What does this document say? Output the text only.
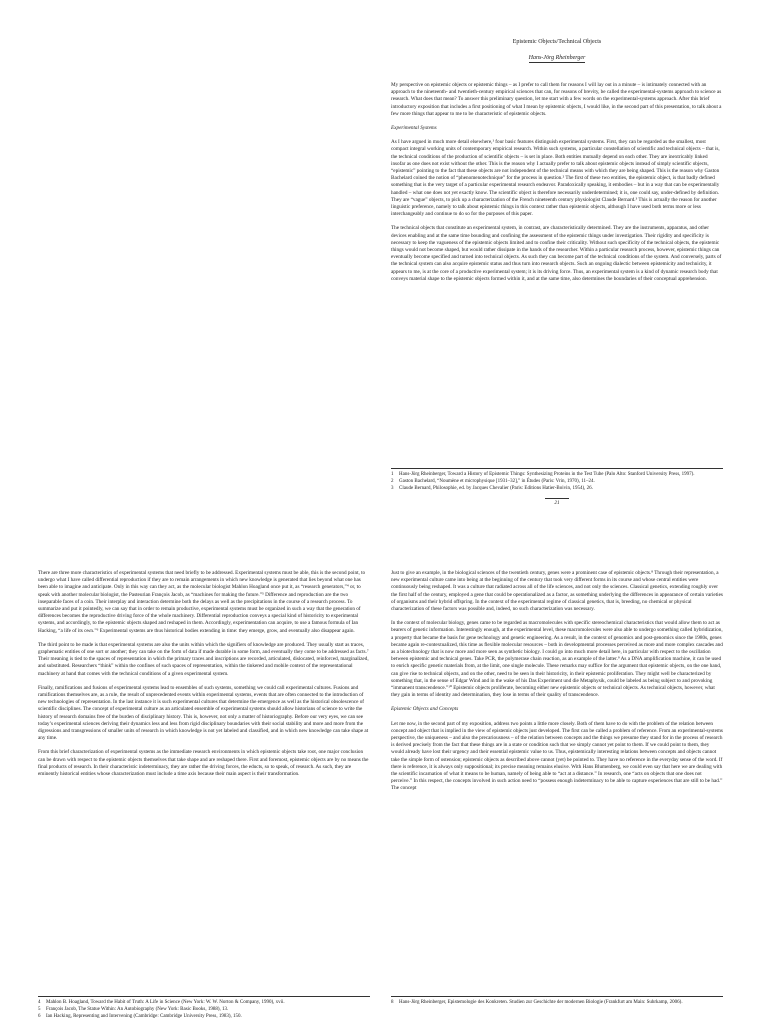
Epistemic Objects/Technical Objects
Hans-Jörg Rheinberger

My perspective on epistemic objects or epistemic things – as I prefer to call them for reasons I will lay out in a minute – is intimately connected with an approach to the nineteenth- and twentieth-century empirical sciences that can, for reasons of brevity, be called the experimental-systems approach to science as research. What does that mean? To answer this preliminary question, let me start with a few words on the experimental-systems approach. After this brief introductory exposition that includes a first positioning of what I mean by epistemic objects, I would like, in the second part of this presentation, to talk about a few more things that appear to me to be characteristic of epistemic objects.

Experimental Systems

As I have argued in much more detail elsewhere,¹ four basic features distinguish experimental systems. First, they can be regarded as the smallest, most compact integral working units of contemporary empirical research. Within such systems, a particular constellation of scientific and technical objects – that is, the technical conditions of the production of scientific objects – is set in place. Both entities mutually depend on each other. They are inextricably linked insofar as one does not exist without the other. This is the reason why I actually prefer to talk about epistemic objects instead of simply scientific objects, “epistemic” pointing to the fact that these objects are not independent of the technical means with which they are being shaped. This is the reason why Gaston Bachelard coined the notion of “phenomenotechnique” for the process in question.² The first of these two entities, the epistemic object, is that badly defined something that is the very target of a particular experimental research endeavor. Paradoxically speaking, it embodies – but in a way that can be experimentally handled – what one does not yet exactly know. The scientific object is therefore necessarily underdetermined; it is, one could say, under-defined by definition. They are “vague” objects, to pick up a characterization of the French nineteenth century physiologist Claude Bernard.³ This is actually the reason for another linguistic preference, namely to talk about epistemic things in this context rather than epistemic objects, although I have used both terms more or less interchangeably and continue to do so for the purposes of this paper.

The technical objects that constitute an experimental system, in contrast, are characteristically determined. They are the instruments, apparatus, and other devices enabling and at the same time bounding and confining the assessment of the epistemic things under investigation. Their rigidity and specificity is necessary to keep the vagueness of the epistemic objects limited and to confine their criticality. Without such specificity of the technical objects, the epistemic things would not become shaped, but would rather dissipate in the hands of the researcher. Within a particular research process, however, epistemic things can eventually become specified and turned into technical objects. As such they can become part of the technical conditions of the system. And conversely, parts of the technical system can also acquire epistemic status and thus turn into research objects. Such an ongoing dialectic between epistemicity and technicity, it appears to me, is at the core of a productive experimental system; it is its driving force. Thus, an experimental system is a kind of dynamic research body that conveys material shape to the epistemic objects formed within it, and at the same time, also determines the boundaries of their conceptual apprehension.

1 Hans-Jörg Rheinberger, Toward a History of Epistemic Things: Synthesizing Proteins in the Test Tube (Palo Alto: Stanford University Press, 1997).
2 Gaston Bachelard, “Noumène et microphysique [1931–32],” in Études (Paris: Vrin, 1970), 11–24.
3 Claude Bernard, Philosophie, ed. by Jacques Chevalier (Paris: Editions Hatier-Boivin, 1954), 26.
21

There are three more characteristics of experimental systems that need briefly to be addressed. Experimental systems must be able, this is the second point, to undergo what I have called differential reproduction if they are to remain arrangements in which new knowledge is generated that lies beyond what one has been able to imagine and anticipate. Only in this way can they act, as the molecular biologist Mahlon Hoagland once put it, as “research generators,”⁴ or, to speak with another molecular biologist, the Pasteurian François Jacob, as “machines for making the future.”⁵ Difference and reproduction are the two inseparable faces of a coin. Their interplay and interaction determine both the delays as well as the precipitations in the course of a research process. To summarize and put it pointedly, we can say that in order to remain productive, experimental systems must be organized in such a way that the generation of differences becomes the reproductive driving force of the whole machinery. Differential reproduction conveys a special kind of historicity to experimental systems, and accordingly, to the epistemic objects shaped and reshaped in them. Accordingly, experimentation can acquire, to use a famous formula of Ian Hacking, “a life of its own.”⁶ Experimental systems are thus historical bodies extending in time: they emerge, grow, and eventually also disappear again.

The third point to be made is that experimental systems are also the units within which the signifiers of knowledge are produced. They usually start as traces, graphematic entities of one sort or another; they can take on the form of data if made durable in some form, and eventually they come to be addressed as facts.⁷ Their meaning is tied to the spaces of representation in which the primary traces and inscriptions are recorded, articulated, dislocated, reinforced, marginalized, and substituted. Researchers “think” within the confines of such spaces of representation, within the tinkered and mobile context of the representational machinery at hand that comes with the technical conditions of a given experimental system.

Finally, ramifications and fusions of experimental systems lead to ensembles of such systems, something we could call experimental cultures. Fusions and ramifications themselves are, as a rule, the result of unprecedented events within experimental systems, events that are often connected to the introduction of new technologies of representation. In the last instance it is such experimental cultures that determine the emergence as well as the historical obsolescence of scientific disciplines. The concept of experimental culture as an articulated ensemble of experimental systems should allow historians of science to write the history of research domains free of the burden of disciplinary history. This is, however, not only a matter of historiography. Before our very eyes, we can see today’s experimental sciences deriving their dynamics less and less from rigid disciplinary boundaries with their social stability and more and more from the digressions and transgressions of smaller units of research in which knowledge is not yet labeled and classified, and in which new knowledge can take shape at any time.

From this brief characterization of experimental systems as the immediate research environments in which epistemic objects take root, one major conclusion can be drawn with respect to the epistemic objects themselves that take shape and are reshaped there. First and foremost, epistemic objects are by no means the final products of research. In their characteristic indeterminacy, they are rather the driving forces, the educts, so to speak, of research. As such, they are eminently historical entities whose characterization must include a time axis because their main aspect is their transformation.

4 Mahlon B. Hoagland, Toward the Habit of Truth: A Life in Science (New York: W. W. Norton & Company, 1990), xvii.
5 François Jacob, The Statue Within: An Autobiography (New York: Basic Books, 1988), 13.
6 Ian Hacking, Representing and Intervening (Cambridge: Cambridge University Press, 1983), 150.

Just to give an example, in the biological sciences of the twentieth century, genes were a prominent case of epistemic objects.⁸ Through their representation, a new experimental culture came into being at the beginning of the century that took very different forms in its course and whose central entities were continuously being reshaped. It was a culture that radiated across all of the life sciences, and not only the sciences. Classical genetics, extending roughly over the first half of the century, employed a gene that could be operationalized as a factor, as something underlying the differences in appearance of certain varieties of organisms and their hybrid offspring. In the context of the experimental regime of classical genetics, that is, breeding, no chemical or physical characterization of these factors was possible and, indeed, no such characterization was necessary.

In the context of molecular biology, genes came to be regarded as macromolecules with specific stereochemical characteristics that would allow them to act as bearers of genetic information. Interestingly enough, at the experimental level, these macromolecules were also able to undergo something called hybridization, a property that became the basis for gene technology and genetic engineering. As a result, in the context of genomics and post-genomics since the 1980s, genes became again re-contextualized, this time as flexible molecular resources – both in developmental processes perceived as more and more complex cascades and as a biotechnology that is now more and more seen as synthetic biology. I could go into much more detail here, in particular with respect to the oscillation between epistemic and technical genes. Take PCR, the polymerase chain reaction, as an example of the latter.⁹ As a DNA amplification machine, it can be used to enrich specific genetic materials from, at the limit, one single molecule. These remarks may suffice for the argument that epistemic objects, on the one hand, can give rise to technical objects, and on the other, need to be seen in their historicity, in their epistemic proliferation. They might well be characterized by something that, in the sense of Edgar Wind and in the wake of his Das Experiment und die Metaphysik, could be labeled as being subject to and provoking “immanent transcendence.”¹⁰ Epistemic objects proliferate, becoming either new epistemic objects or technical objects. As technical objects, however, what they gain in terms of identity and determination, they lose in terms of their quality of transcendence.

Epistemic Objects and Concepts

Let me now, in the second part of my exposition, address two points a little more closely. Both of them have to do with the problem of the relation between concept and object that is implied in the view of epistemic objects just developed. The first can be called a problem of reference. From an experimental-systems perspective, the uniqueness – and also the precariousness – of the relation between concepts and the things we presume they stand for in the process of research is derived precisely from the fact that these things are in a state or condition such that we simply cannot yet point to them. If we could point to them, they would already have lost their urgency and their essential epistemic value to us. Thus, epistemically interesting relations between concepts and objects cannot take the simple form of ostension; epistemic objects as described above cannot (yet) be pointed to. They have no reference in the everyday sense of the word. If there is reference, it is always only suppositional; its precise meaning remains elusive. With Hans Blumenberg, we could even say that here we are dealing with the scientific incarnation of what it means to be human, namely of being able to “act at a distance.” In research, one “acts on objects that one does not perceive.” In this respect, the concepts involved in such action need to “possess enough indeterminacy to be able to capture experiences that are still to be had.” The concept

8 Hans-Jörg Rheinberger, Epistemologie des Konkreten. Studien zur Geschichte der modernen Biologie (Frankfurt am Main: Suhrkamp, 2006).
